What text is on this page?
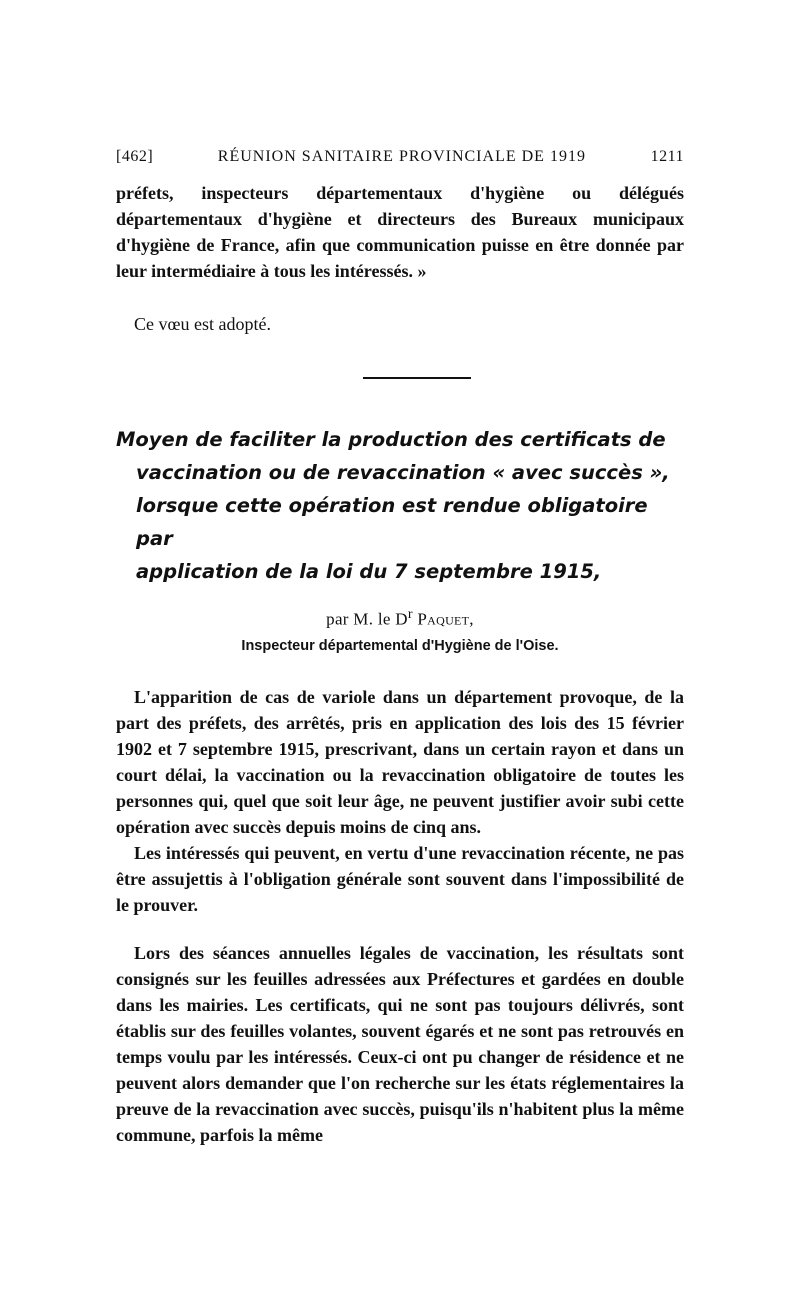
[462]	RÉUNION SANITAIRE PROVINCIALE DE 1919	1211

préfets, inspecteurs départementaux d'hygiène ou délégués départementaux d'hygiène et directeurs des Bureaux municipaux d'hygiène de France, afin que communication puisse en être donnée par leur intermédiaire à tous les intéressés. »

Ce vœu est adopté.

Moyen de faciliter la production des certificats de
vaccination ou de revaccination « avec succès »,
lorsque cette opération est rendue obligatoire par
application de la loi du 7 septembre 1915,
par M. le $D^r$ Paquet,
Inspecteur départemental d'Hygiène de l'Oise.

L'apparition de cas de variole dans un département provoque, de la part des préfets, des arrêtés, pris en application des lois des 15 février 1902 et 7 septembre 1915, prescrivant, dans un certain rayon et dans un court délai, la vaccination ou la revaccination obligatoire de toutes les personnes qui, quel que soit leur âge, ne peuvent justifier avoir subi cette opération avec succès depuis moins de cinq ans.

Les intéressés qui peuvent, en vertu d'une revaccination récente, ne pas être assujettis à l'obligation générale sont souvent dans l'impossibilité de le prouver.

Lors des séances annuelles légales de vaccination, les résultats sont consignés sur les feuilles adressées aux Préfectures et gardées en double dans les mairies. Les certificats, qui ne sont pas toujours délivrés, sont établis sur des feuilles volantes, souvent égarés et ne sont pas retrouvés en temps voulu par les intéressés. Ceux-ci ont pu changer de résidence et ne peuvent alors demander que l'on recherche sur les états réglementaires la preuve de la revaccination avec succès, puisqu'ils n'habitent plus la même commune, parfois la même
